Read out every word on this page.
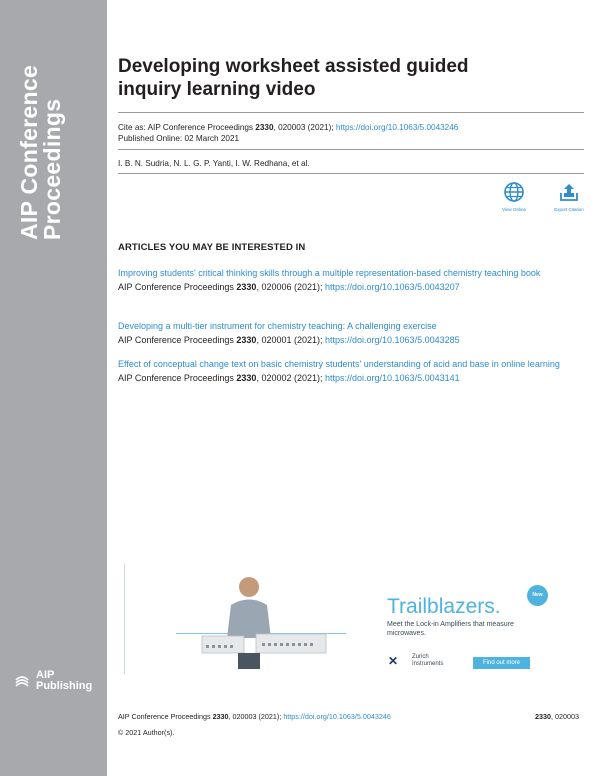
AIP Conference
Proceedings
AIP
Publishing
Developing worksheet assisted guided
inquiry learning video
Cite as: AIP Conference Proceedings 2330, 020003 (2021); https://doi.org/10.1063/5.0043246
Published Online: 02 March 2021
I. B. N. Sudria, N. L. G. P. Yanti, I. W. Redhana, et al.
View Online	Export Citation
ARTICLES YOU MAY BE INTERESTED IN
Improving students' critical thinking skills through a multiple representation-based chemistry teaching book
AIP Conference Proceedings 2330, 020006 (2021); https://doi.org/10.1063/5.0043207
Developing a multi-tier instrument for chemistry teaching: A challenging exercise
AIP Conference Proceedings 2330, 020001 (2021); https://doi.org/10.1063/5.0043285
Effect of conceptual change text on basic chemistry students' understanding of acid and base in online learning
AIP Conference Proceedings 2330, 020002 (2021); https://doi.org/10.1063/5.0043141
New
Trailblazers.
Meet the Lock-in Amplifiers that measure microwaves.
✕ Zurich
Instruments	Find out more
AIP Conference Proceedings 2330, 020003 (2021); https://doi.org/10.1063/5.0043246	2330, 020003
© 2021 Author(s).
